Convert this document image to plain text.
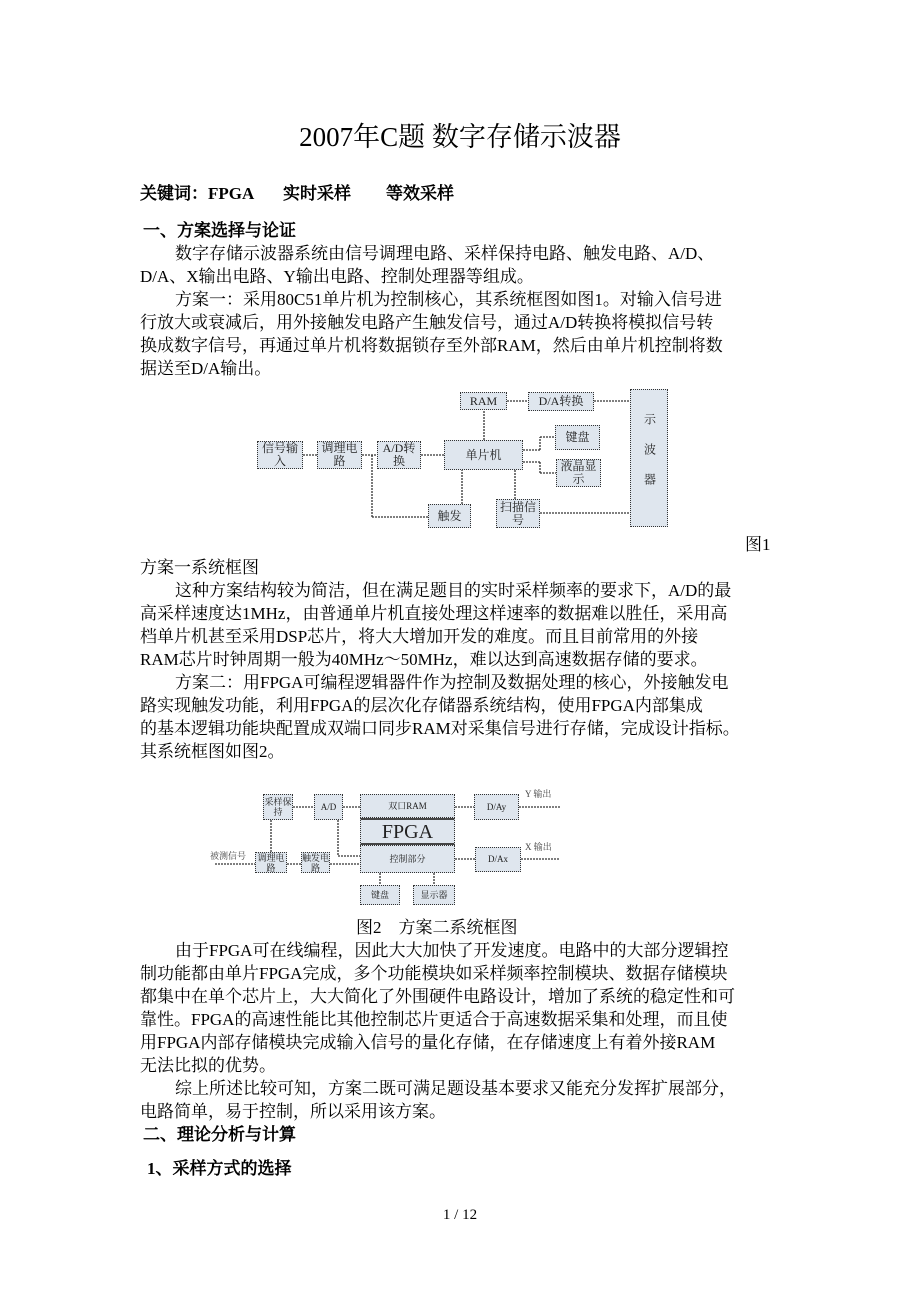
2007年C题 数字存储示波器
关键词：FPGA 实时采样 等效采样
一、方案选择与论证
数字存储示波器系统由信号调理电路、采样保持电路、触发电路、A/D、
D/A、X输出电路、Y输出电路、控制处理器等组成。
方案一：采用80C51单片机为控制核心，其系统框图如图1。对输入信号进
行放大或衰减后，用外接触发电路产生触发信号，通过A/D转换将模拟信号转
换成数字信号，再通过单片机将数据锁存至外部RAM，然后由单片机控制将数
据送至D/A输出。
信号输入
调理电路
A/D转换	单片机
RAM	D/A转换
示波器
键盘
液晶显示
触发
扫描信号
图1
方案一系统框图
这种方案结构较为简洁，但在满足题目的实时采样频率的要求下，A/D的最
高采样速度达1MHz，由普通单片机直接处理这样速率的数据难以胜任，采用高
档单片机甚至采用DSP芯片，将大大增加开发的难度。而且目前常用的外接
RAM芯片时钟周期一般为40MHz～50MHz，难以达到高速数据存储的要求。
方案二：用FPGA可编程逻辑器件作为控制及数据处理的核心，外接触发电
路实现触发功能，利用FPGA的层次化存储器系统结构，使用FPGA内部集成
的基本逻辑功能块配置成双端口同步RAM对采集信号进行存储，完成设计指标。
其系统框图如图2。
采样保持
A/D	双口RAM
FPGA
控制部分
D/Ay
D/Ax
调理电路
触发电路
键盘	显示器
被测信号
Y 输出
X 输出
图2　方案二系统框图
由于FPGA可在线编程，因此大大加快了开发速度。电路中的大部分逻辑控
制功能都由单片FPGA完成，多个功能模块如采样频率控制模块、数据存储模块
都集中在单个芯片上，大大简化了外围硬件电路设计，增加了系统的稳定性和可
靠性。FPGA的高速性能比其他控制芯片更适合于高速数据采集和处理，而且使
用FPGA内部存储模块完成输入信号的量化存储，在存储速度上有着外接RAM
无法比拟的优势。
综上所述比较可知，方案二既可满足题设基本要求又能充分发挥扩展部分，
电路简单，易于控制，所以采用该方案。
二、理论分析与计算
1、采样方式的选择
1 / 12
